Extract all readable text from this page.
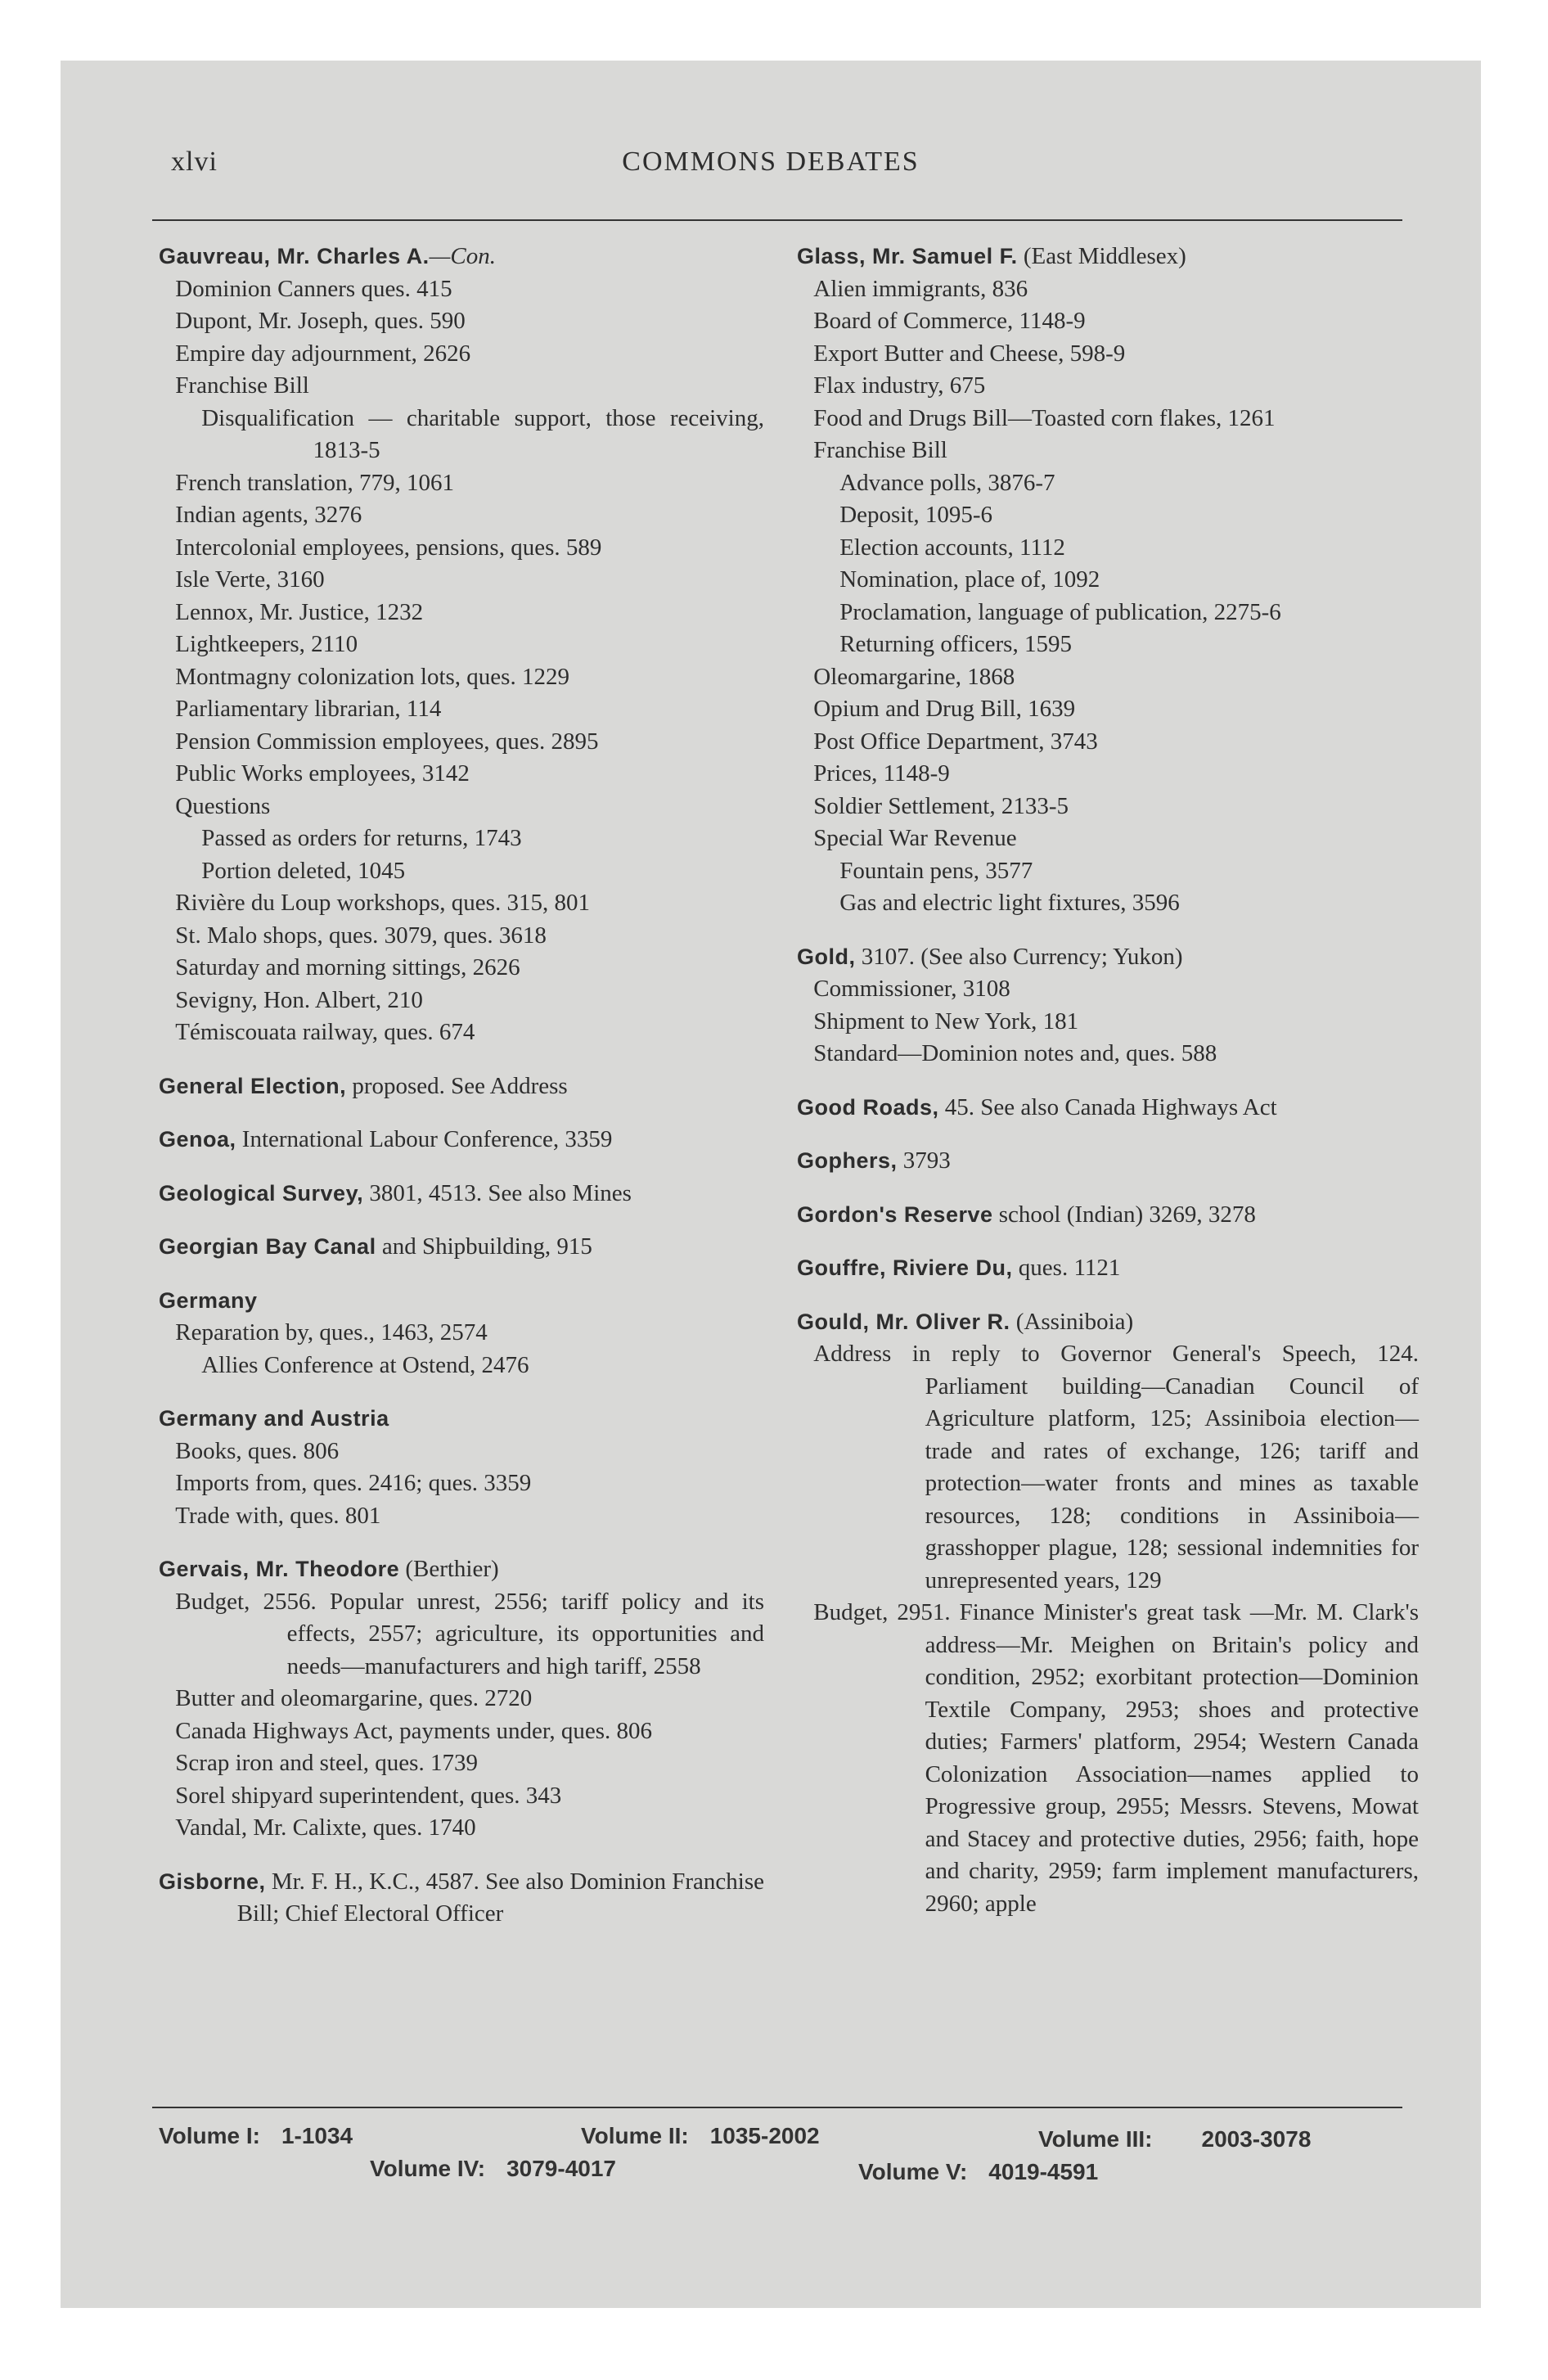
xlvi	COMMONS DEBATES
Gauvreau, Mr. Charles A.—Con.
Dominion Canners ques. 415
Dupont, Mr. Joseph, ques. 590
Empire day adjournment, 2626
Franchise Bill
Disqualification — charitable support, those receiving, 1813-5
French translation, 779, 1061
Indian agents, 3276
Intercolonial employees, pensions, ques. 589
Isle Verte, 3160
Lennox, Mr. Justice, 1232
Lightkeepers, 2110
Montmagny colonization lots, ques. 1229
Parliamentary librarian, 114
Pension Commission employees, ques. 2895
Public Works employees, 3142
Questions
Passed as orders for returns, 1743
Portion deleted, 1045
Rivière du Loup workshops, ques. 315, 801
St. Malo shops, ques. 3079, ques. 3618
Saturday and morning sittings, 2626
Sevigny, Hon. Albert, 210
Témiscouata railway, ques. 674
General Election, proposed. See Address
Genoa, International Labour Conference, 3359
Geological Survey, 3801, 4513. See also Mines
Georgian Bay Canal and Shipbuilding, 915
Germany
Reparation by, ques., 1463, 2574
Allies Conference at Ostend, 2476
Germany and Austria
Books, ques. 806
Imports from, ques. 2416; ques. 3359
Trade with, ques. 801
Gervais, Mr. Theodore (Berthier)
Budget, 2556. Popular unrest, 2556; tariff policy and its effects, 2557; agriculture, its opportunities and needs—manufacturers and high tariff, 2558
Butter and oleomargarine, ques. 2720
Canada Highways Act, payments under, ques. 806
Scrap iron and steel, ques. 1739
Sorel shipyard superintendent, ques. 343
Vandal, Mr. Calixte, ques. 1740
Gisborne, Mr. F. H., K.C., 4587. See also Dominion Franchise Bill; Chief Electoral Officer
Glass, Mr. Samuel F. (East Middlesex)
Alien immigrants, 836
Board of Commerce, 1148-9
Export Butter and Cheese, 598-9
Flax industry, 675
Food and Drugs Bill—Toasted corn flakes, 1261
Franchise Bill
Advance polls, 3876-7
Deposit, 1095-6
Election accounts, 1112
Nomination, place of, 1092
Proclamation, language of publication, 2275-6
Returning officers, 1595
Oleomargarine, 1868
Opium and Drug Bill, 1639
Post Office Department, 3743
Prices, 1148-9
Soldier Settlement, 2133-5
Special War Revenue
Fountain pens, 3577
Gas and electric light fixtures, 3596
Gold, 3107. (See also Currency; Yukon)
Commissioner, 3108
Shipment to New York, 181
Standard—Dominion notes and, ques. 588
Good Roads, 45. See also Canada Highways Act
Gophers, 3793
Gordon's Reserve school (Indian) 3269, 3278
Gouffre, Riviere Du, ques. 1121
Gould, Mr. Oliver R. (Assiniboia)
Address in reply to Governor General's Speech, 124. Parliament building—Canadian Council of Agriculture platform, 125; Assiniboia election—trade and rates of exchange, 126; tariff and protection—water fronts and mines as taxable resources, 128; conditions in Assiniboia—grasshopper plague, 128; sessional indemnities for unrepresented years, 129
Budget, 2951. Finance Minister's great task —Mr. M. Clark's address—Mr. Meighen on Britain's policy and condition, 2952; exorbitant protection—Dominion Textile Company, 2953; shoes and protective duties; Farmers' platform, 2954; Western Canada Colonization Association—names applied to Progressive group, 2955; Messrs. Stevens, Mowat and Stacey and protective duties, 2956; faith, hope and charity, 2959; farm implement manufacturers, 2960; apple
Volume I: 1-1034	Volume II: 1035-2002	Volume III: 2003-3078
Volume IV: 3079-4017	Volume V: 4019-4591
